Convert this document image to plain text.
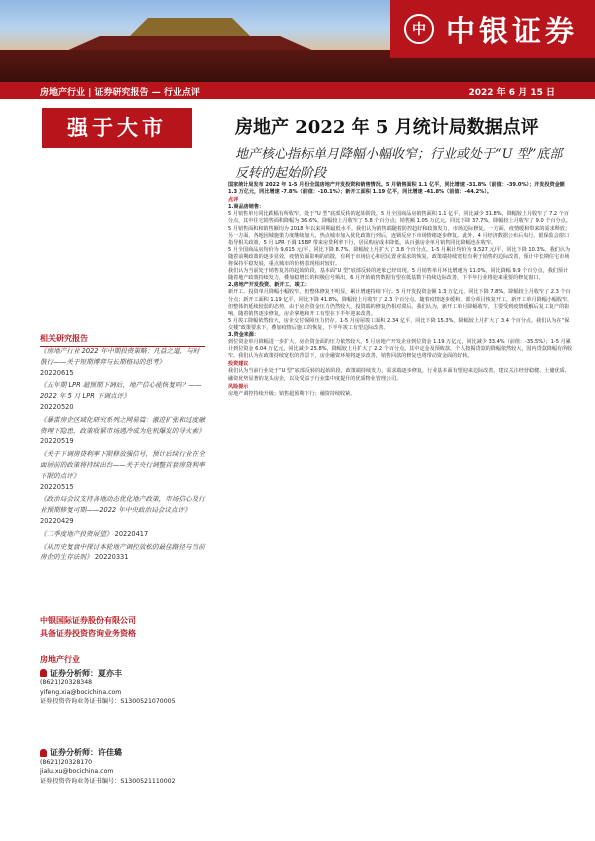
中 中银证券
房地产行业 | 证券研究报告 — 行业点评	2022 年 6 月 15 日
强于大市	房地产 2022 年 5 月统计局数据点评
地产核心指标单月降幅小幅收窄；行业或处于“U 型”底部反转的起始阶段

国家统计局发布 2022 年 1-5 月份全国房地产开发投资和销售情况。5 月销售面积 1.1 亿平，同比增速 -31.8%（前值：-39.0%）；开发投资金额 1.3 万亿元，同比增速 -7.8%（前值：-10.1%）；新开工面积 1.19 亿平，同比增速 -41.8%（前值：-44.2%）。

点评

1.商品房销售：

5 月销售单月同比跌幅有所收窄，处于“U 型”底部反转的起始阶段。5 月全国商品房销售面积 1.1 亿平，同比减少 31.8%，降幅较上月收窄了 7.2 个百分点，其中住宅销售面积降幅为 36.6%，降幅较上月收窄了 5.8 个百分点；销售额 1.05 万亿元，同比下降 37.7%，降幅较上月收窄了 9.0 个百分点。5 月销售面积和销售额均为 2018 年以来同期最低水平。我们认为销售端随着防控趋好和政策发力，市场边际修复。一方面，疫情缓和带来的需求释放；另一方面，各地因城施策力度继续加大，热点城市加入优化政策行列后，连锁反应下市场情绪逐步修复。此外，4 月经济数据公布后央行、银保监会窗口指导相关政策，5 月 LPR 下调 15BP 带来房贷利率下行，居民购房成本降低。从百强房企单月销售同比降幅也在收窄。

5 月全国商品房均价为 9,615 元/平，同比下降 8.7%，降幅较上月扩大了 3.8 个百分点。1-5 月累计均价为 9,527 元/平，同比下降 10.3%。我们认为随着前期政策的逐步显效，疫情负面影响的消散，有利于市场信心和居民置业需求的恢复，政策端持续宽松有利于销售的边际改善，预计中长期住宅市场将保持平稳发展，重点城市的价格表现相对较好。

我们认为当前处于销售复苏的起始阶段，基本面“U 型”底部反转的迹象已经出现。5 月销售单月环比增速为 11.0%，同比降幅 9.9 个百分点，我们预计随着地产政策持续发力，叠加稳增长的积极信号频出，6 月开始销售数据有望在低基数下持续边际改善，下半年行业将迎来重要的修复窗口。

2.房地产开发投资、新开工、竣工：

新开工、投资单月降幅小幅收窄，但整体修复不明显，累计增速持续下行。5 月开发投资金额 1.3 万亿元，同比下降 7.8%，降幅较上月收窄了 2.3 个百分点；新开工面积 1.19 亿平，同比下降 41.8%，降幅较上月收窄了 2.3 个百分点。随着疫情逐步缓和，部分项目恢复开工，新开工单月降幅小幅收窄，但整体仍延续较弱的态势，由于房企资金压力仍然较大，投资端的修复仍相对滞后。我们认为，新开工单月降幅收窄，主要受到疫情缓解后复工复产的影响，随着销售逐步修复，房企拿地和开工有望在下半年迎来改善。

5 月竣工降幅依然较大，房企交付保障压力仍存。1-5 月房屋竣工面积 2.34 亿平，同比下降 15.3%，降幅较上月扩大了 3.4 个百分点。我们认为在“保交楼”政策要求下，叠加疫情后施工的恢复，下半年竣工有望边际改善。

3.资金来源：

到位资金单月降幅进一步扩大，房企资金面的压力依然较大。5 月房地产开发企业到位资金 1.19 万亿元，同比减少 33.4%（前值：-35.5%）；1-5 月累计到位资金 6.04 万亿元，同比减少 25.8%，降幅较上月扩大了 2.2 个百分点。其中定金及预收款、个人按揭贷款的降幅依然较大，国内贷款降幅有所收窄。我们认为在政策持续宽松的背景下，房企融资环境将逐步改善，销售回款的修复也将带动资金面的好转。

投资建议

我们认为当前行业处于“U 型”底部反转的起始阶段，政策端持续发力，需求端逐步修复，行业基本面有望迎来边际改善。建议关注经营稳健、土储优质、融资优势显著的龙头房企，以及受益于行业集中度提升的优质物业管理公司。

风险提示

房地产调控持续升级；销售超预期下行；融资持续收紧。

相关研究报告
《房地产行业 2022 年中期投资策略：凡益之道，与时偕行——关于短期博弈与长期格局的思考》
20220615
《五年期 LPR 超预期下调后，地产信心能恢复吗？——2022 年 5 月 LPR 下调点评》
20220520
《暴雷房企区域化研究系列之网易篇：激进扩张和过度融资埋下隐患，政策收紧市场遇冷成为危机爆发的导火索》
20220519
《关于下调房贷利率下限释放强信号，预计后续行业在全面居前的政策将持续出台——关于央行调整首套房贷利率下限的点评》
20220515
《政治局会议支持各地动态优化地产政策，市场信心及行业预期修复可期——2022 年中央政治局会议点评》
20220429
《二季度地产投资展望》 20220417
《从历史复盘中探讨本轮地产调控放松的最佳路径与当前房企的生存法则》 20220331
中银国际证券股份有限公司
具备证券投资咨询业务资格
房地产行业
证券分析师：夏亦丰
(8621)20328348
yifeng.xia@bocichina.com
证券投资咨询业务证书编号：S1300521070005
证券分析师：许佳璐
(8621)20328170
jialu.xu@bocichina.com
证券投资咨询业务证书编号：S1300521110002
